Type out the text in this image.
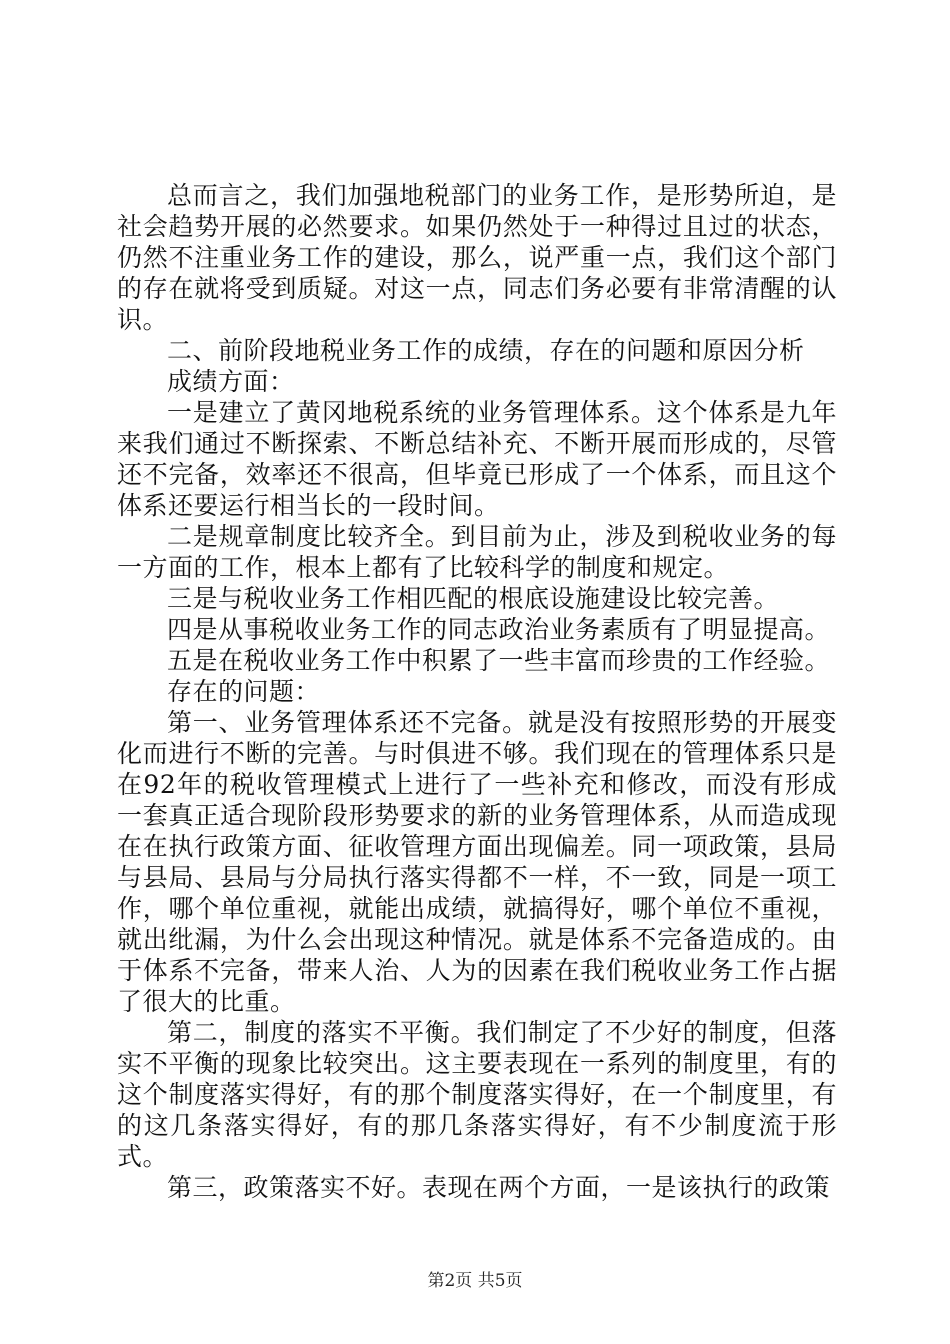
总而言之，我们加强地税部门的业务工作，是形势所迫，是社会趋势开展的必然要求。如果仍然处于一种得过且过的状态，仍然不注重业务工作的建设，那么，说严重一点，我们这个部门的存在就将受到质疑。对这一点，同志们务必要有非常清醒的认识。

二、前阶段地税业务工作的成绩，存在的问题和原因分析

成绩方面：

一是建立了黄冈地税系统的业务管理体系。这个体系是九年来我们通过不断探索、不断总结补充、不断开展而形成的，尽管还不完备，效率还不很高，但毕竟已形成了一个体系，而且这个体系还要运行相当长的一段时间。

二是规章制度比较齐全。到目前为止，涉及到税收业务的每一方面的工作，根本上都有了比较科学的制度和规定。

三是与税收业务工作相匹配的根底设施建设比较完善。

四是从事税收业务工作的同志政治业务素质有了明显提高。

五是在税收业务工作中积累了一些丰富而珍贵的工作经验。

存在的问题：

第一、业务管理体系还不完备。就是没有按照形势的开展变化而进行不断的完善。与时俱进不够。我们现在的管理体系只是在92年的税收管理模式上进行了一些补充和修改，而没有形成一套真正适合现阶段形势要求的新的业务管理体系，从而造成现在在执行政策方面、征收管理方面出现偏差。同一项政策，县局与县局、县局与分局执行落实得都不一样，不一致，同是一项工作，哪个单位重视，就能出成绩，就搞得好，哪个单位不重视，就出纰漏，为什么会出现这种情况。就是体系不完备造成的。由于体系不完备，带来人治、人为的因素在我们税收业务工作占据了很大的比重。

第二，制度的落实不平衡。我们制定了不少好的制度，但落实不平衡的现象比较突出。这主要表现在一系列的制度里，有的这个制度落实得好，有的那个制度落实得好，在一个制度里，有的这几条落实得好，有的那几条落实得好，有不少制度流于形式。

第三，政策落实不好。表现在两个方面，一是该执行的政策

第2页 共5页
